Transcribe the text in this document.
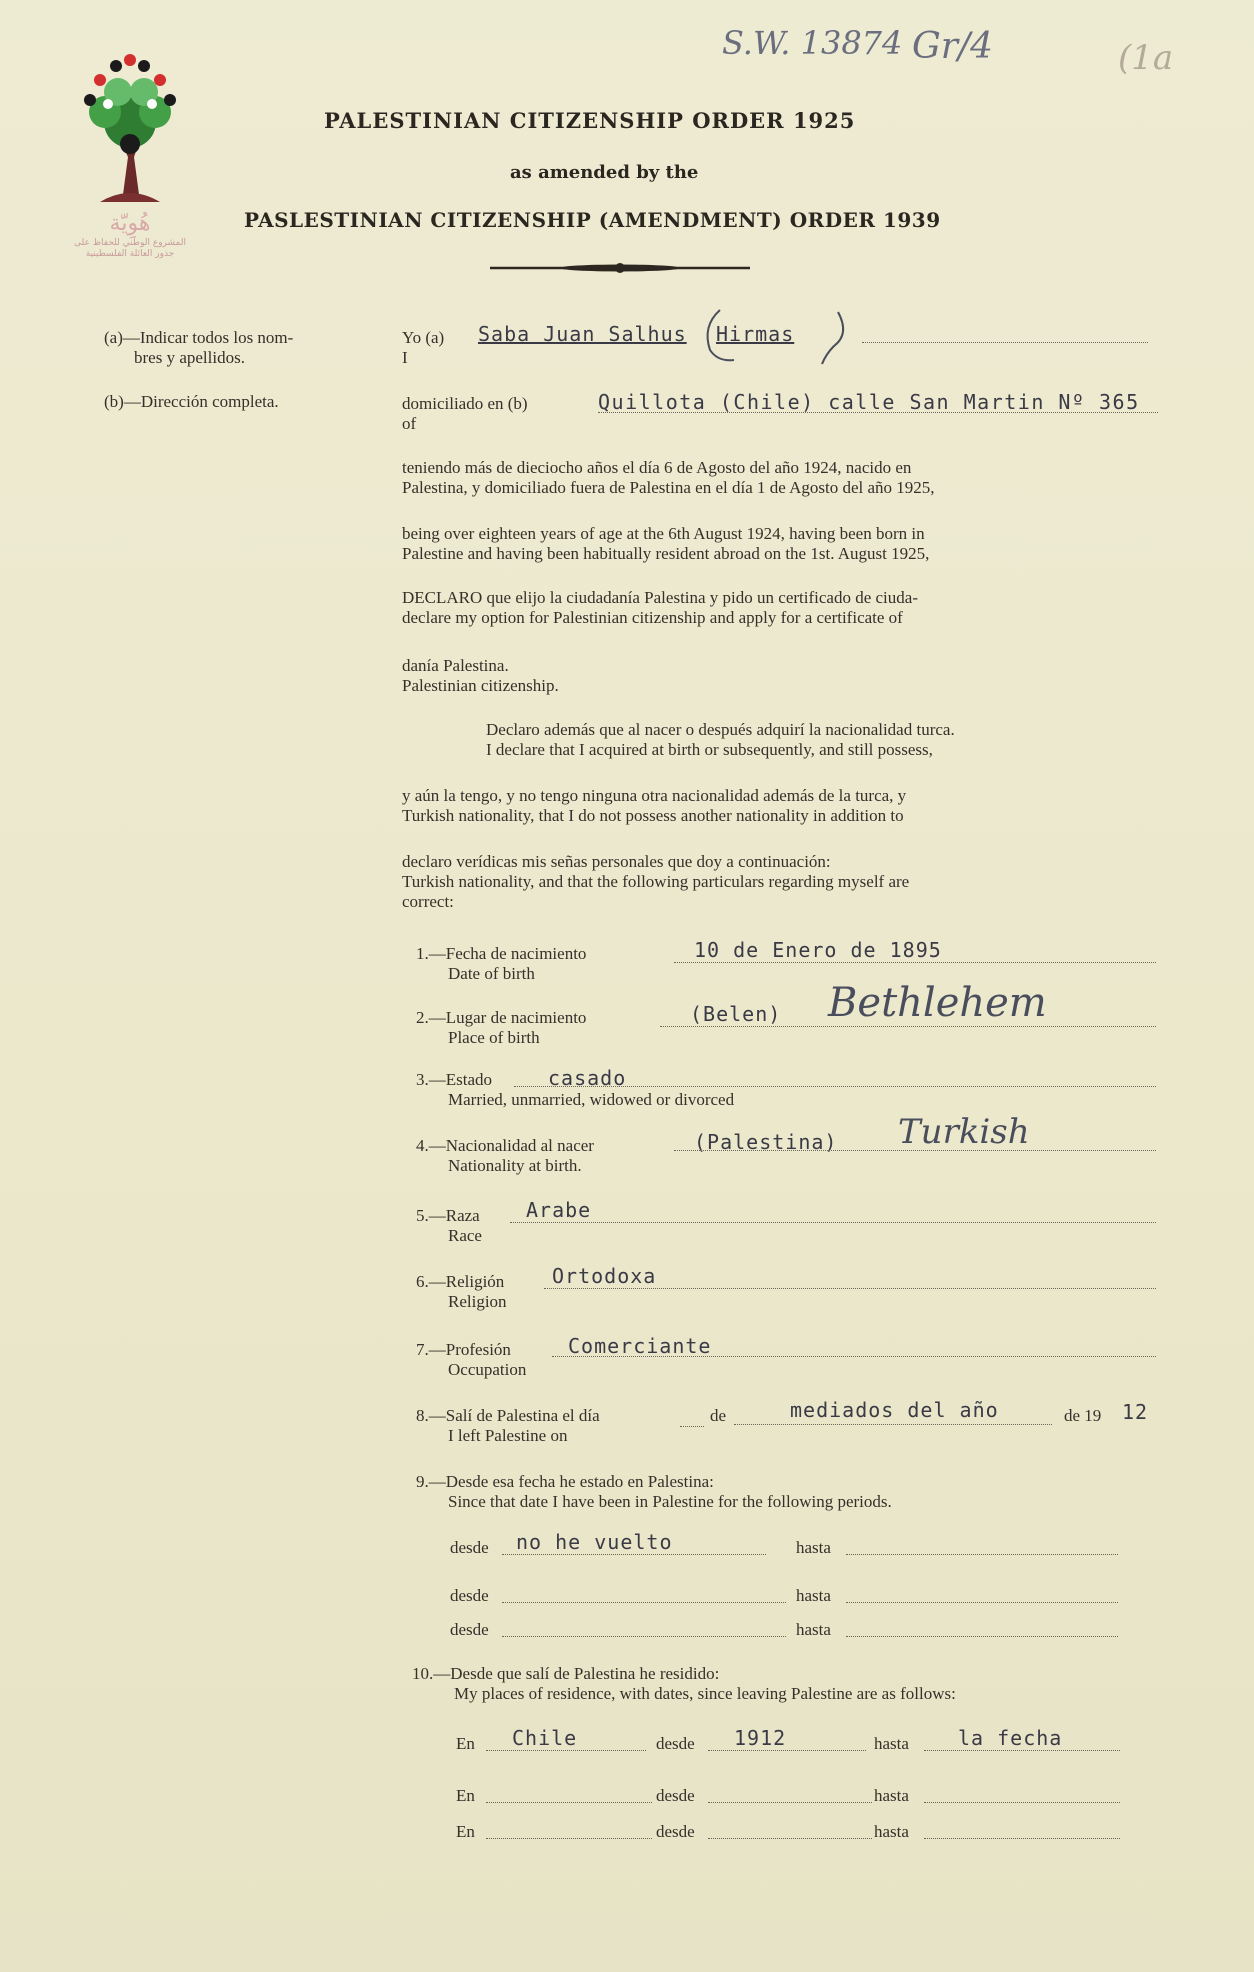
هُوِيّة
المشروع الوطني للحفاظ على
جذور العائلة الفلسطينية
S.W. 13874 Gr/4	(1a
PALESTINIAN CITIZENSHIP ORDER 1925
as amended by the
PASLESTINIAN CITIZENSHIP (AMENDMENT) ORDER 1939
(a)—Indicar todos los nom-
bres y apellidos.
(b)—Dirección completa.
Yo (a)
I
Saba Juan Salhus Hirmas
domiciliado en (b)
of
Quillota (Chile) calle San Martin Nº 365
teniendo más de dieciocho años el día 6 de Agosto del año 1924, nacido en
Palestina, y domiciliado fuera de Palestina en el día 1 de Agosto del año 1925,
being over eighteen years of age at the 6th August 1924, having been born in
Palestine and having been habitually resident abroad on the 1st. August 1925,
DECLARO que elijo la ciudadanía Palestina y pido un certificado de ciuda-
declare my option for Palestinian citizenship and apply for a certificate of
danía Palestina.
Palestinian citizenship.
Declaro además que al nacer o después adquirí la nacionalidad turca.
I declare that I acquired at birth or subsequently, and still possess,
y aún la tengo, y no tengo ninguna otra nacionalidad además de la turca, y
Turkish nationality, that I do not possess another nationality in addition to
declaro verídicas mis señas personales que doy a continuación:
Turkish nationality, and that the following particulars regarding myself are
correct:
1.—Fecha de nacimiento
Date of birth
10 de Enero de 1895
2.—Lugar de nacimiento
Place of birth
(Belen) Bethlehem
3.—Estado
Married, unmarried, widowed or divorced
casado
4.—Nacionalidad al nacer
Nationality at birth.
(Palestina) Turkish
5.—Raza
Race
Arabe
6.—Religión
Religion
Ortodoxa
7.—Profesión
Occupation
Comerciante
8.—Salí de Palestina el día	de	mediados del año	de 19 12
I left Palestine on
9.—Desde esa fecha he estado en Palestina:
Since that date I have been in Palestine for the following periods.
desde no he vuelto	hasta
desde	hasta
desde	hasta
10.—Desde que salí de Palestina he residido:
My places of residence, with dates, since leaving Palestine are as follows:
En Chile	desde 1912	hasta la fecha
En	desde	hasta
En	desde	hasta
